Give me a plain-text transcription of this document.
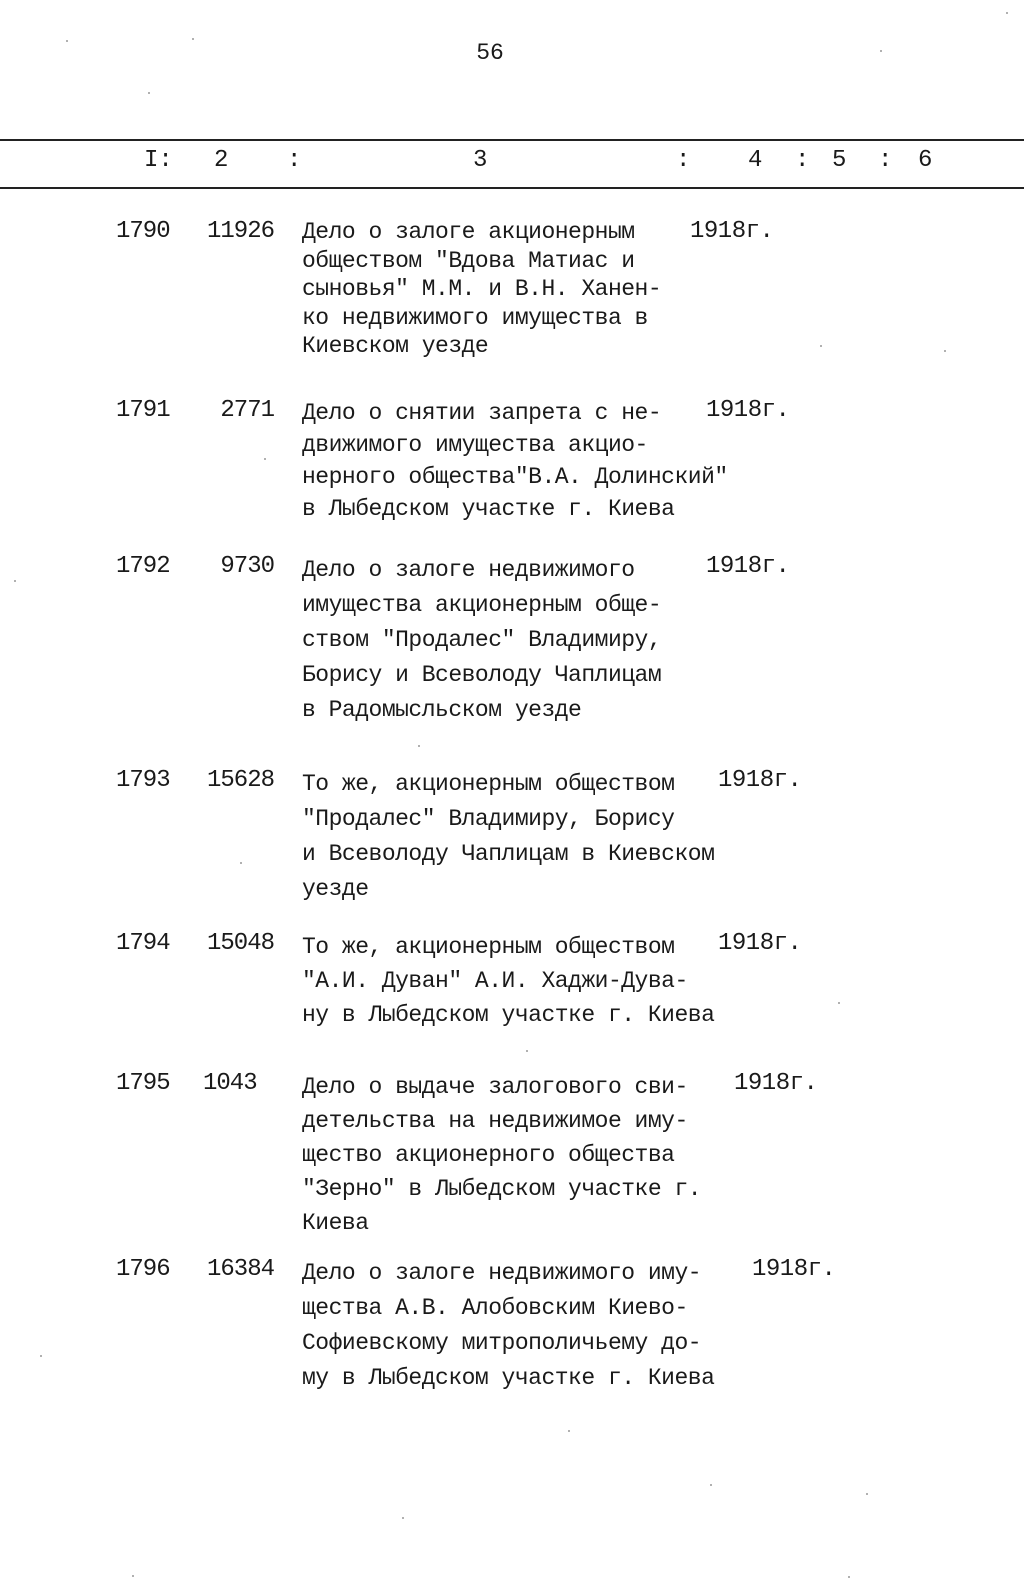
56
I: 2 :	3	: 4 : 5 : 6
1790 11926 Дело о залоге акционерным
обществом "Вдова Матиас и
сыновья" М.М. и В.Н. Ханен-
ко недвижимого имущества в
Киевском уезде
1918г.
1791	2771 Дело о снятии запрета с не-
движимого имущества акцио-
нерного общества"В.А. Долинский"
в Лыбедском участке г. Киева
1918г.
1792	9730 Дело о залоге недвижимого
имущества акционерным обще-
ством "Продалес" Владимиру,
Борису и Всеволоду Чаплицам
в Радомысльском уезде
1918г.
1793 15628 То же, акционерным обществом
"Продалес" Владимиру, Борису
и Всеволоду Чаплицам в Киевском
уезде
1918г.
1794 15048 То же, акционерным обществом
"А.И. Дуван" А.И. Хаджи-Дува-
ну в Лыбедском участке г. Киева
1918г.
1795 1043 Дело о выдаче залогового сви-
детельства на недвижимое иму-
щество акционерного общества
"Зерно" в Лыбедском участке г.
Киева
1918г.
1796 16384 Дело о залоге недвижимого иму-
щества А.В. Алобовским Киево-
Софиевскому митрополичьему до-
му в Лыбедском участке г. Киева
1918г.
